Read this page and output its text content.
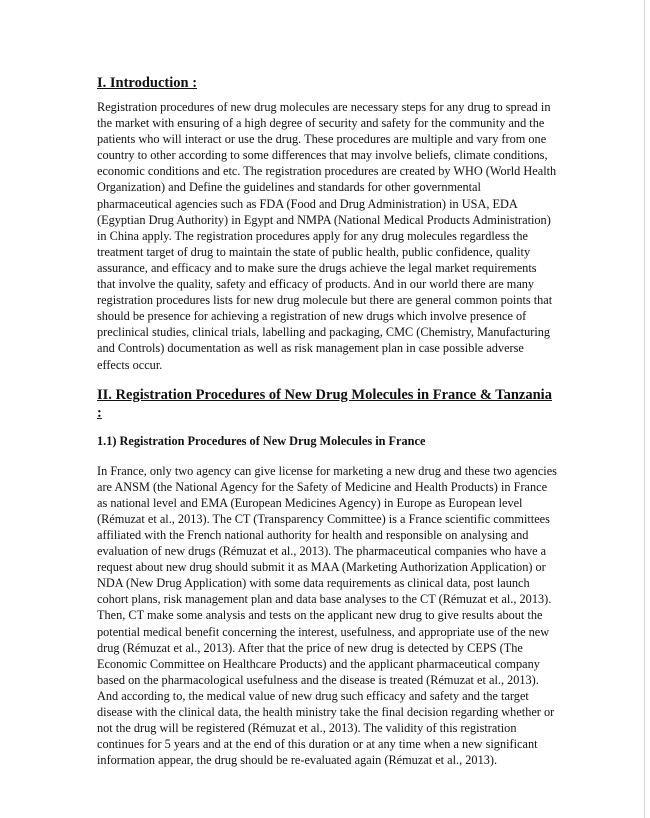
I. Introduction :

Registration procedures of new drug molecules are necessary steps for any drug to spread in the market with ensuring of a high degree of security and safety for the community and the patients who will interact or use the drug. These procedures are multiple and vary from one country to other according to some differences that may involve beliefs, climate conditions, economic conditions and etc. The registration procedures are created by WHO (World Health Organization) and Define the guidelines and standards for other governmental pharmaceutical agencies such as FDA (Food and Drug Administration) in USA, EDA (Egyptian Drug Authority) in Egypt and NMPA (National Medical Products Administration) in China apply. The registration procedures apply for any drug molecules regardless the treatment target of drug to maintain the state of public health, public confidence, quality assurance, and efficacy and to make sure the drugs achieve the legal market requirements that involve the quality, safety and efficacy of products. And in our world there are many registration procedures lists for new drug molecule but there are general common points that should be presence for achieving a registration of new drugs which involve presence of preclinical studies, clinical trials, labelling and packaging, CMC (Chemistry, Manufacturing and Controls) documentation as well as risk management plan in case possible adverse effects occur.

II. Registration Procedures of New Drug Molecules in France & Tanzania :
1.1) Registration Procedures of New Drug Molecules in France

In France, only two agency can give license for marketing a new drug and these two agencies are ANSM (the National Agency for the Safety of Medicine and Health Products) in France as national level and EMA (European Medicines Agency) in Europe as European level (Rémuzat et al., 2013). The CT (Transparency Committee) is a France scientific committees affiliated with the French national authority for health and responsible on analysing and evaluation of new drugs (Rémuzat et al., 2013). The pharmaceutical companies who have a request about new drug should submit it as MAA (Marketing Authorization Application) or NDA (New Drug Application) with some data requirements as clinical data, post launch cohort plans, risk management plan and data base analyses to the CT (Rémuzat et al., 2013). Then, CT make some analysis and tests on the applicant new drug to give results about the potential medical benefit concerning the interest, usefulness, and appropriate use of the new drug (Rémuzat et al., 2013). After that the price of new drug is detected by CEPS (The Economic Committee on Healthcare Products) and the applicant pharmaceutical company based on the pharmacological usefulness and the disease is treated (Rémuzat et al., 2013). And according to, the medical value of new drug such efficacy and safety and the target disease with the clinical data, the health ministry take the final decision regarding whether or not the drug will be registered (Rémuzat et al., 2013). The validity of this registration continues for 5 years and at the end of this duration or at any time when a new significant information appear, the drug should be re-evaluated again (Rémuzat et al., 2013).
